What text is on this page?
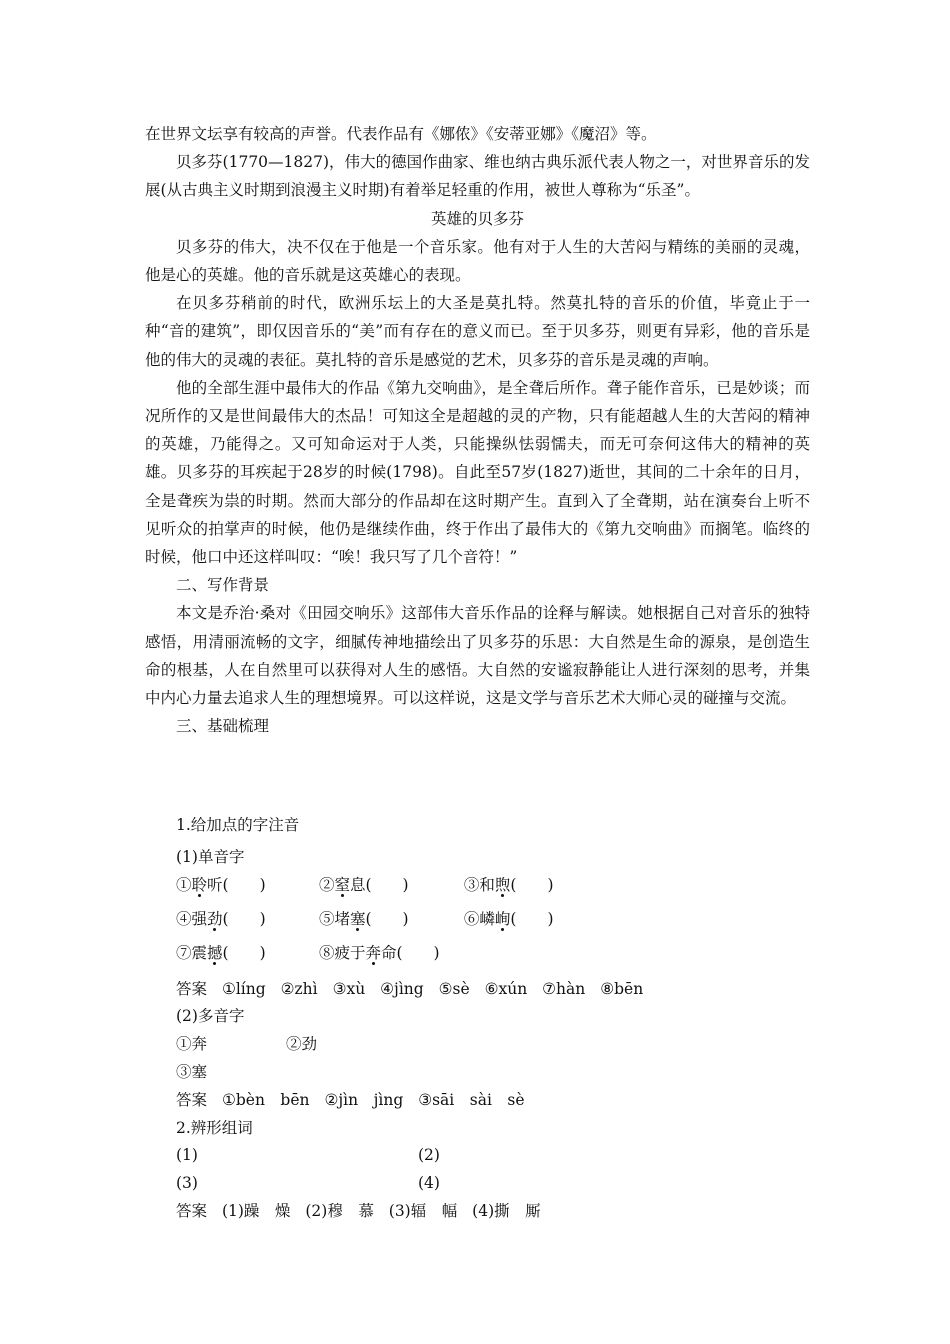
在世界文坛享有较高的声誉。代表作品有《娜侬》《安蒂亚娜》《魔沼》等。

贝多芬(1770—1827)，伟大的德国作曲家、维也纳古典乐派代表人物之一，对世界音乐的发展(从古典主义时期到浪漫主义时期)有着举足轻重的作用，被世人尊称为“乐圣”。

英雄的贝多芬

贝多芬的伟大，决不仅在于他是一个音乐家。他有对于人生的大苦闷与精练的美丽的灵魂，他是心的英雄。他的音乐就是这英雄心的表现。

在贝多芬稍前的时代，欧洲乐坛上的大圣是莫扎特。然莫扎特的音乐的价值，毕竟止于一种“音的建筑”，即仅因音乐的“美”而有存在的意义而已。至于贝多芬，则更有异彩，他的音乐是他的伟大的灵魂的表征。莫扎特的音乐是感觉的艺术，贝多芬的音乐是灵魂的声响。

他的全部生涯中最伟大的作品《第九交响曲》，是全聋后所作。聋子能作音乐，已是妙谈；而况所作的又是世间最伟大的杰品！可知这全是超越的灵的产物，只有能超越人生的大苦闷的精神的英雄，乃能得之。又可知命运对于人类，只能操纵怯弱懦夫，而无可奈何这伟大的精神的英雄。贝多芬的耳疾起于28岁的时候(1798)。自此至57岁(1827)逝世，其间的二十余年的日月，全是聋疾为祟的时期。然而大部分的作品却在这时期产生。直到入了全聋期，站在演奏台上听不见听众的拍掌声的时候，他仍是继续作曲，终于作出了最伟大的《第九交响曲》而搁笔。临终的时候，他口中还这样叫叹：“唉！我只写了几个音符！”

二、写作背景

本文是乔治·桑对《田园交响乐》这部伟大音乐作品的诠释与解读。她根据自己对音乐的独特感悟，用清丽流畅的文字，细腻传神地描绘出了贝多芬的乐思：大自然是生命的源泉，是创造生命的根基，人在自然里可以获得对人生的感悟。大自然的安谧寂静能让人进行深刻的思考，并集中内心力量去追求人生的理想境界。可以这样说，这是文学与音乐艺术大师心灵的碰撞与交流。

三、基础梳理

1.给加点的字注音
(1)单音字
①聆听(　　)	②窒息(　　)	③和煦(　　)
④强劲(　　)	⑤堵塞(　　)	⑥嶙峋(　　)
⑦震撼(　　)	⑧疲于奔命(　　)
答案 ①líng ②zhì ③xù ④jìng ⑤sè ⑥xún ⑦hàn ⑧bēn
(2)多音字
①奔	②劲
③塞
答案 ①bèn　bēn ②jìn　jìng ③sāi　sài　sè
2.辨形组词
(1)	(2)
(3)	(4)
答案 (1)躁　燥 (2)穆　慕 (3)辐　幅 (4)撕　厮
